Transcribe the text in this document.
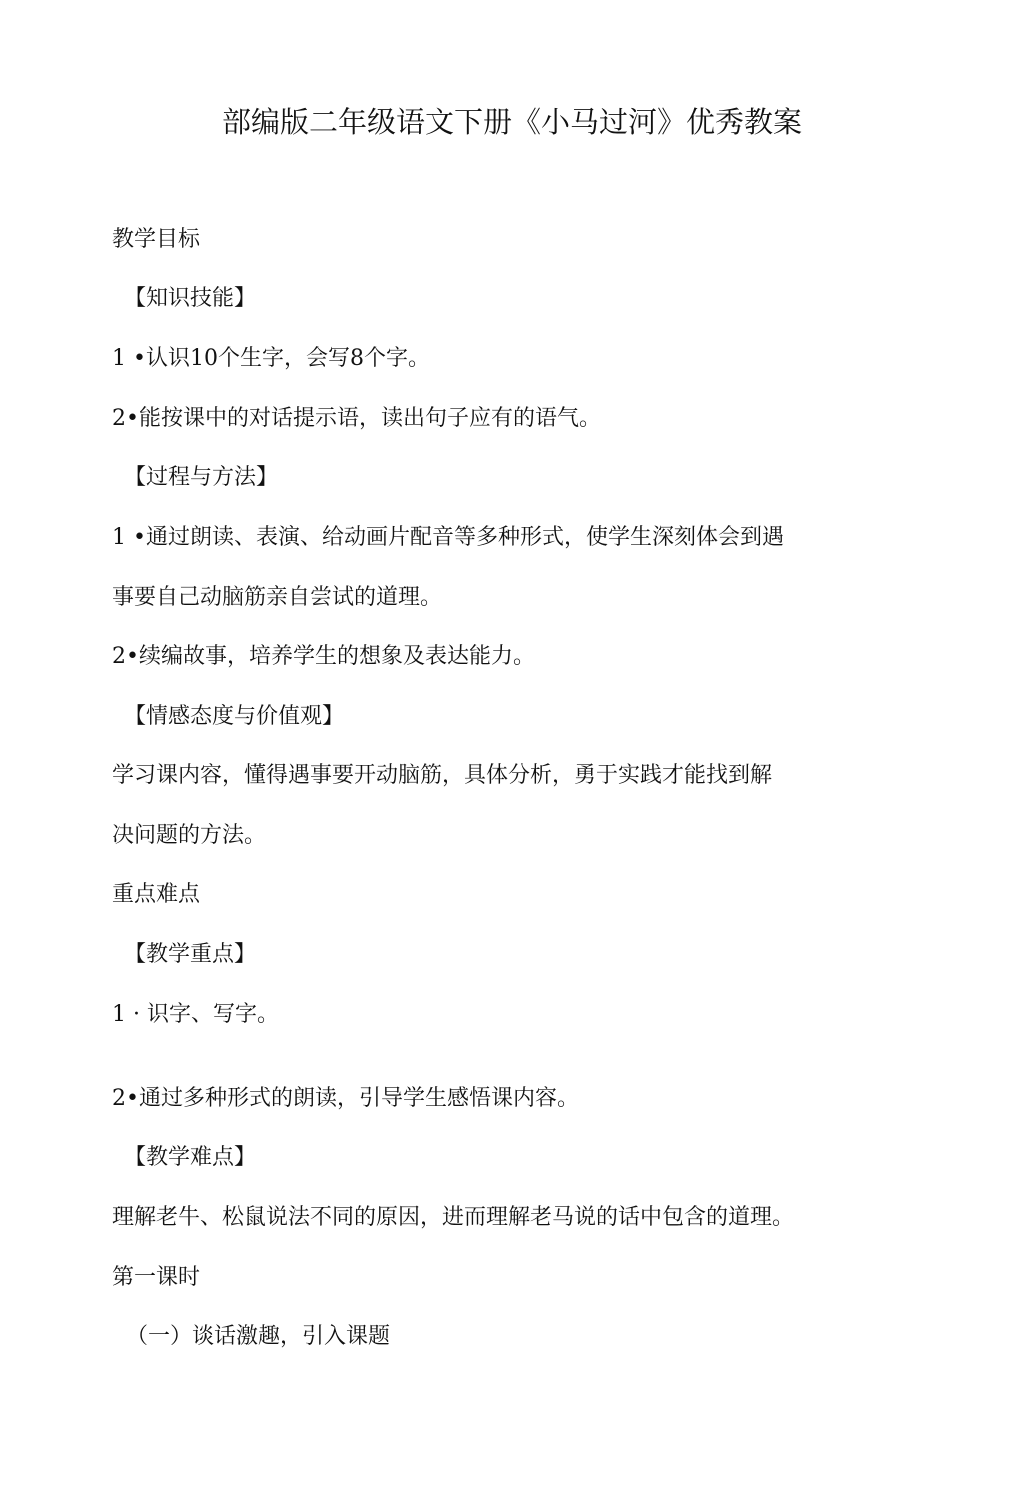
部编版二年级语文下册《小马过河》优秀教案
教学目标
【知识技能】
1 •认识10个生字，会写8个字。
2•能按课中的对话提示语，读出句子应有的语气。
【过程与方法】
1 •通过朗读、表演、给动画片配音等多种形式，使学生深刻体会到遇
事要自己动脑筋亲自尝试的道理。
2•续编故事，培养学生的想象及表达能力。
【情感态度与价值观】
学习课内容，懂得遇事要开动脑筋，具体分析，勇于实践才能找到解
决问题的方法。
重点难点
【教学重点】
1 · 识字、写字。
2•通过多种形式的朗读，引导学生感悟课内容。
【教学难点】
理解老牛、松鼠说法不同的原因，进而理解老马说的话中包含的道理。
第一课时
（一）谈话激趣，引入课题
